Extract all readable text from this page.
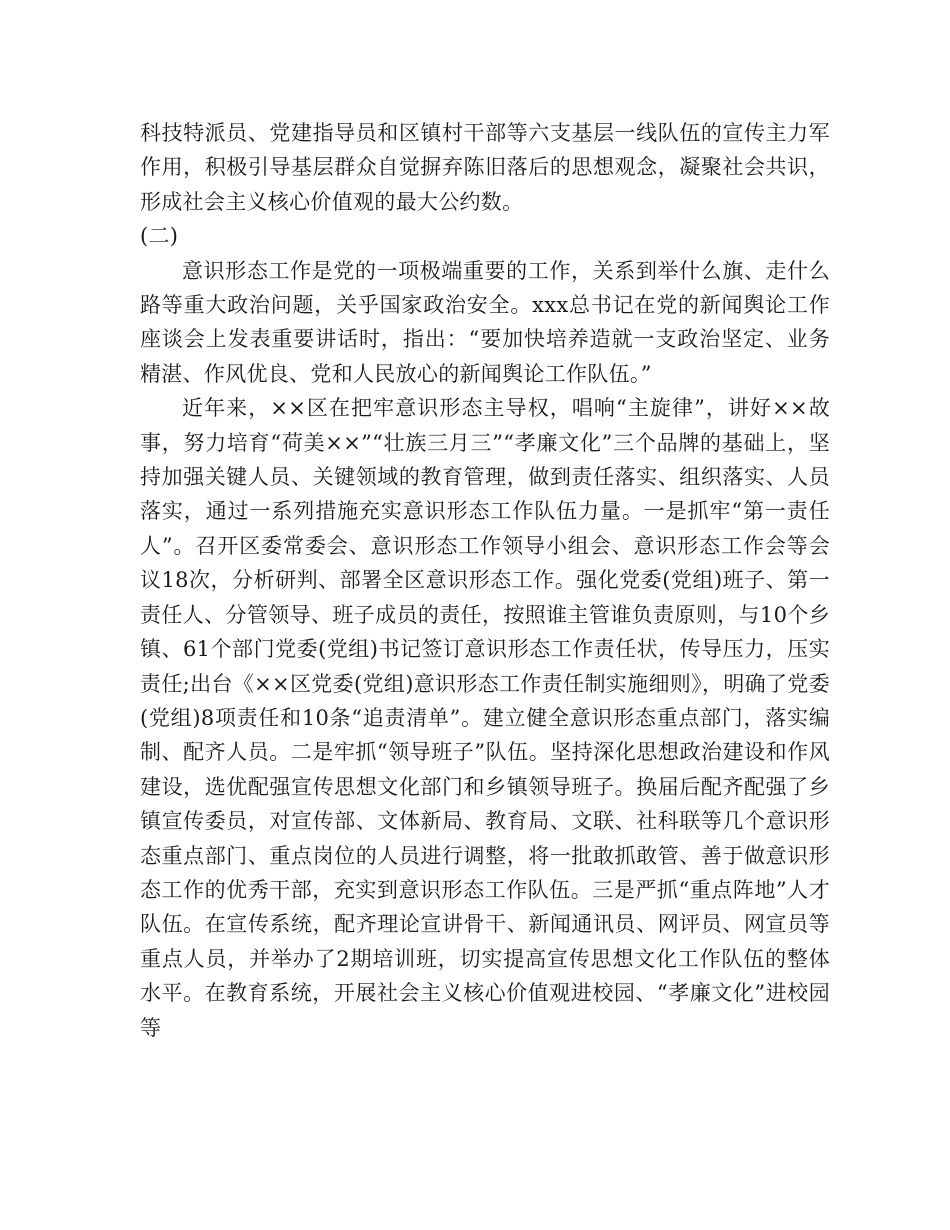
科技特派员、党建指导员和区镇村干部等六支基层一线队伍的宣传主力军作用，积极引导基层群众自觉摒弃陈旧落后的思想观念，凝聚社会共识，形成社会主义核心价值观的最大公约数。

(二)

意识形态工作是党的一项极端重要的工作，关系到举什么旗、走什么路等重大政治问题，关乎国家政治安全。xxx总书记在党的新闻舆论工作座谈会上发表重要讲话时，指出：“要加快培养造就一支政治坚定、业务精湛、作风优良、党和人民放心的新闻舆论工作队伍。”

近年来，××区在把牢意识形态主导权，唱响“主旋律”，讲好××故事，努力培育“荷美××”“壮族三月三”“孝廉文化”三个品牌的基础上，坚持加强关键人员、关键领域的教育管理，做到责任落实、组织落实、人员落实，通过一系列措施充实意识形态工作队伍力量。一是抓牢“第一责任人”。召开区委常委会、意识形态工作领导小组会、意识形态工作会等会议18次，分析研判、部署全区意识形态工作。强化党委(党组)班子、第一责任人、分管领导、班子成员的责任，按照谁主管谁负责原则，与10个乡镇、61个部门党委(党组)书记签订意识形态工作责任状，传导压力，压实责任;出台《××区党委(党组)意识形态工作责任制实施细则》，明确了党委(党组)8项责任和10条“追责清单”。建立健全意识形态重点部门，落实编制、配齐人员。二是牢抓“领导班子”队伍。坚持深化思想政治建设和作风建设，选优配强宣传思想文化部门和乡镇领导班子。换届后配齐配强了乡镇宣传委员，对宣传部、文体新局、教育局、文联、社科联等几个意识形态重点部门、重点岗位的人员进行调整，将一批敢抓敢管、善于做意识形态工作的优秀干部，充实到意识形态工作队伍。三是严抓“重点阵地”人才队伍。在宣传系统，配齐理论宣讲骨干、新闻通讯员、网评员、网宣员等重点人员，并举办了2期培训班，切实提高宣传思想文化工作队伍的整体水平。在教育系统，开展社会主义核心价值观进校园、“孝廉文化”进校园等
